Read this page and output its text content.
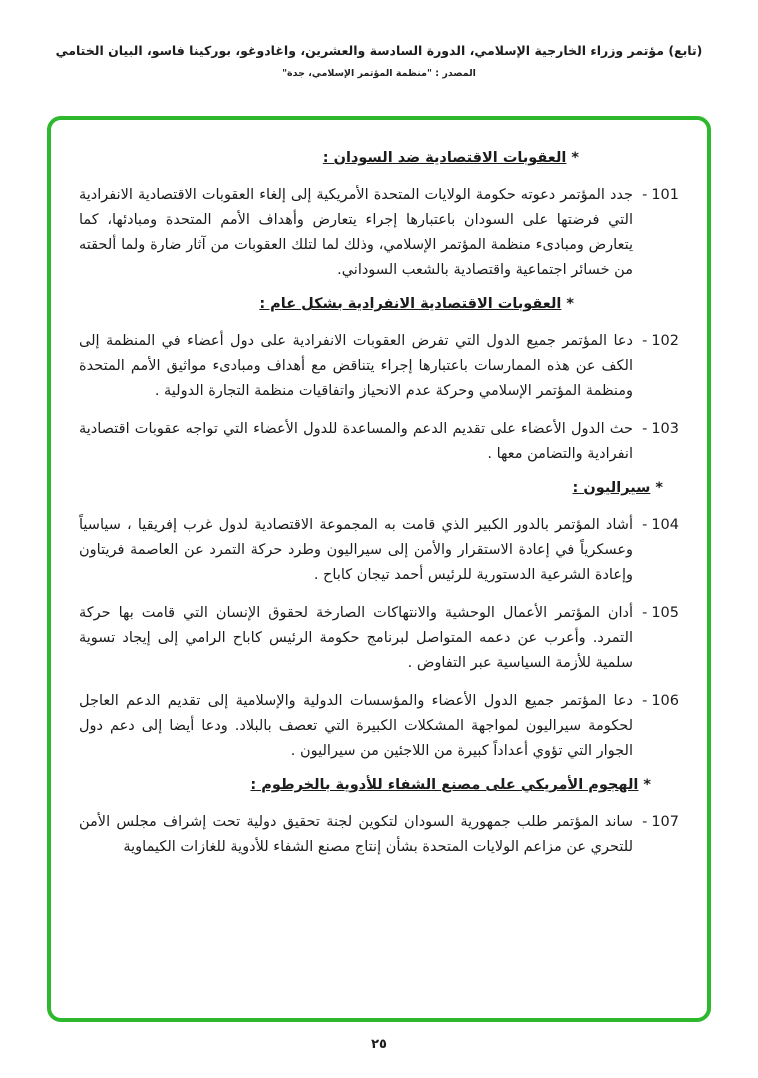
(تابع) مؤتمر وزراء الخارجية الإسلامي، الدورة السادسة والعشرين، واغادوغو، بوركينا فاسو، البيان الختامي
المصدر : "منظمة المؤتمر الإسلامي، جدة"
*العقوبات الاقتصادية ضد السودان :
101-
جدد المؤتمر دعوته حكومة الولايات المتحدة الأمريكية إلى إلغاء العقوبات الاقتصادية الانفرادية التي فرضتها على السودان باعتبارها إجراء يتعارض وأهداف الأمم المتحدة ومبادئها، كما يتعارض ومبادىء منظمة المؤتمر الإسلامي، وذلك لما لتلك العقوبات من آثار ضارة ولما ألحقته من خسائر اجتماعية واقتصادية بالشعب السوداني.
*العقوبات الاقتصادية الانفرادية بشكل عام :
102-
دعا المؤتمر جميع الدول التي تفرض العقوبات الانفرادية على دول أعضاء في المنظمة إلى الكف عن هذه الممارسات باعتبارها إجراء يتناقض مع أهداف ومبادىء مواثيق الأمم المتحدة ومنظمة المؤتمر الإسلامي وحركة عدم الانحياز واتفاقيات منظمة التجارة الدولية .
103-
حث الدول الأعضاء على تقديم الدعم والمساعدة للدول الأعضاء التي تواجه عقوبات اقتصادية انفرادية والتضامن معها .
*سيراليون :
104-
أشاد المؤتمر بالدور الكبير الذي قامت به المجموعة الاقتصادية لدول غرب إفريقيا ، سياسياً وعسكرياً في إعادة الاستقرار والأمن إلى سيراليون وطرد حركة التمرد عن العاصمة فريتاون وإعادة الشرعية الدستورية للرئيس أحمد تيجان كاباح .
105-
أدان المؤتمر الأعمال الوحشية والانتهاكات الصارخة لحقوق الإنسان التي قامت بها حركة التمرد. وأعرب عن دعمه المتواصل لبرنامج حكومة الرئيس كاباح الرامي إلى إيجاد تسوية سلمية للأزمة السياسية عبر التفاوض .
106-
دعا المؤتمر جميع الدول الأعضاء والمؤسسات الدولية والإسلامية إلى تقديم الدعم العاجل لحكومة سيراليون لمواجهة المشكلات الكبيرة التي تعصف بالبلاد. ودعا أيضا إلى دعم دول الجوار التي تؤوي أعداداً كبيرة من اللاجئين من سيراليون .
*الهجوم الأمريكي على مصنع الشفاء للأدوية بالخرطوم :
107-
ساند المؤتمر طلب جمهورية السودان لتكوين لجنة تحقيق دولية تحت إشراف مجلس الأمن للتحري عن مزاعم الولايات المتحدة بشأن إنتاج مصنع الشفاء للأدوية للغازات الكيماوية
٢٥
